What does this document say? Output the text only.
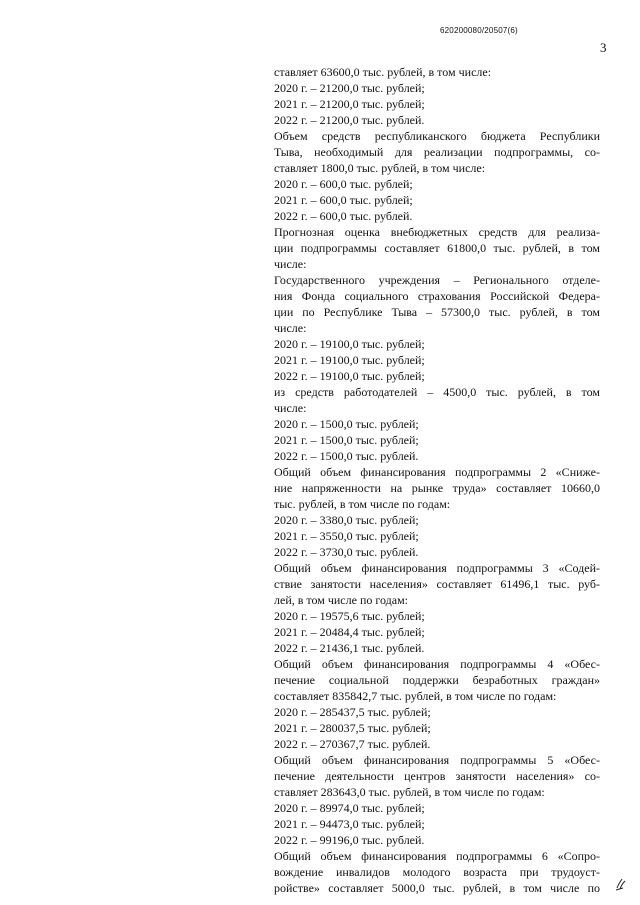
620200080/20507(6)
3
ставляет 63600,0 тыс. рублей, в том числе:
2020 г. – 21200,0 тыс. рублей;
2021 г. – 21200,0 тыс. рублей;
2022 г. – 21200,0 тыс. рублей.
Объем средств республиканского бюджета Республики
Тыва, необходимый для реализации подпрограммы, со-
ставляет 1800,0 тыс. рублей, в том числе:
2020 г. – 600,0 тыс. рублей;
2021 г. – 600,0 тыс. рублей;
2022 г. – 600,0 тыс. рублей.
Прогнозная оценка внебюджетных средств для реализа-
ции подпрограммы составляет 61800,0 тыс. рублей, в том
числе:
Государственного учреждения – Регионального отделе-
ния Фонда социального страхования Российской Федера-
ции по Республике Тыва – 57300,0 тыс. рублей, в том
числе:
2020 г. – 19100,0 тыс. рублей;
2021 г. – 19100,0 тыс. рублей;
2022 г. – 19100,0 тыс. рублей;
из средств работодателей – 4500,0 тыс. рублей, в том
числе:
2020 г. – 1500,0 тыс. рублей;
2021 г. – 1500,0 тыс. рублей;
2022 г. – 1500,0 тыс. рублей.
Общий объем финансирования подпрограммы 2 «Сниже-
ние напряженности на рынке труда» составляет 10660,0
тыс. рублей, в том числе по годам:
2020 г. – 3380,0 тыс. рублей;
2021 г. – 3550,0 тыс. рублей;
2022 г. – 3730,0 тыс. рублей.
Общий объем финансирования подпрограммы 3 «Содей-
ствие занятости населения» составляет 61496,1 тыс. руб-
лей, в том числе по годам:
2020 г. – 19575,6 тыс. рублей;
2021 г. – 20484,4 тыс. рублей;
2022 г. – 21436,1 тыс. рублей.
Общий объем финансирования подпрограммы 4 «Обес-
печение социальной поддержки безработных граждан»
составляет 835842,7 тыс. рублей, в том числе по годам:
2020 г. – 285437,5 тыс. рублей;
2021 г. – 280037,5 тыс. рублей;
2022 г. – 270367,7 тыс. рублей.
Общий объем финансирования подпрограммы 5 «Обес-
печение деятельности центров занятости населения» со-
ставляет 283643,0 тыс. рублей, в том числе по годам:
2020 г. – 89974,0 тыс. рублей;
2021 г. – 94473,0 тыс. рублей;
2022 г. – 99196,0 тыс. рублей.
Общий объем финансирования подпрограммы 6 «Сопро-
вождение инвалидов молодого возраста при трудоуст-
ройстве» составляет 5000,0 тыс. рублей, в том числе по
